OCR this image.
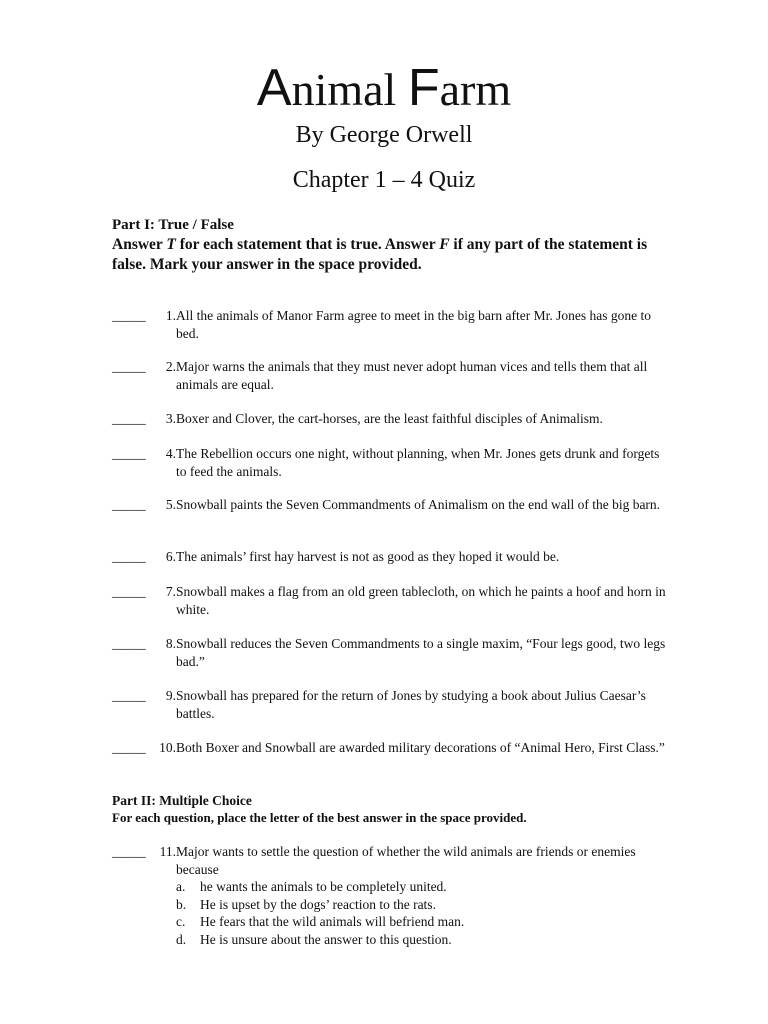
Animal Farm
By George Orwell
Chapter 1 – 4 Quiz
Part I: True / False
Answer T for each statement that is true. Answer F if any part of the statement is false. Mark your answer in the space provided.
_____	1. All the animals of Manor Farm agree to meet in the big barn after Mr. Jones has gone to bed.
_____	2. Major warns the animals that they must never adopt human vices and tells them that all animals are equal.
_____	3. Boxer and Clover, the cart-horses, are the least faithful disciples of Animalism.
_____	4. The Rebellion occurs one night, without planning, when Mr. Jones gets drunk and forgets to feed the animals.
_____	5. Snowball paints the Seven Commandments of Animalism on the end wall of the big barn.
_____	6. The animals’ first hay harvest is not as good as they hoped it would be.
_____	7. Snowball makes a flag from an old green tablecloth, on which he paints a hoof and horn in white.
_____	8. Snowball reduces the Seven Commandments to a single maxim, “Four legs good, two legs bad.”
_____	9. Snowball has prepared for the return of Jones by studying a book about Julius Caesar’s battles.
_____ 10. Both Boxer and Snowball are awarded military decorations of “Animal Hero, First Class.”
Part II: Multiple Choice
For each question, place the letter of the best answer in the space provided.
_____ 11. Major wants to settle the question of whether the wild animals are friends or enemies because
a. he wants the animals to be completely united.
b. He is upset by the dogs’ reaction to the rats.
c. He fears that the wild animals will befriend man.
d. He is unsure about the answer to this question.
